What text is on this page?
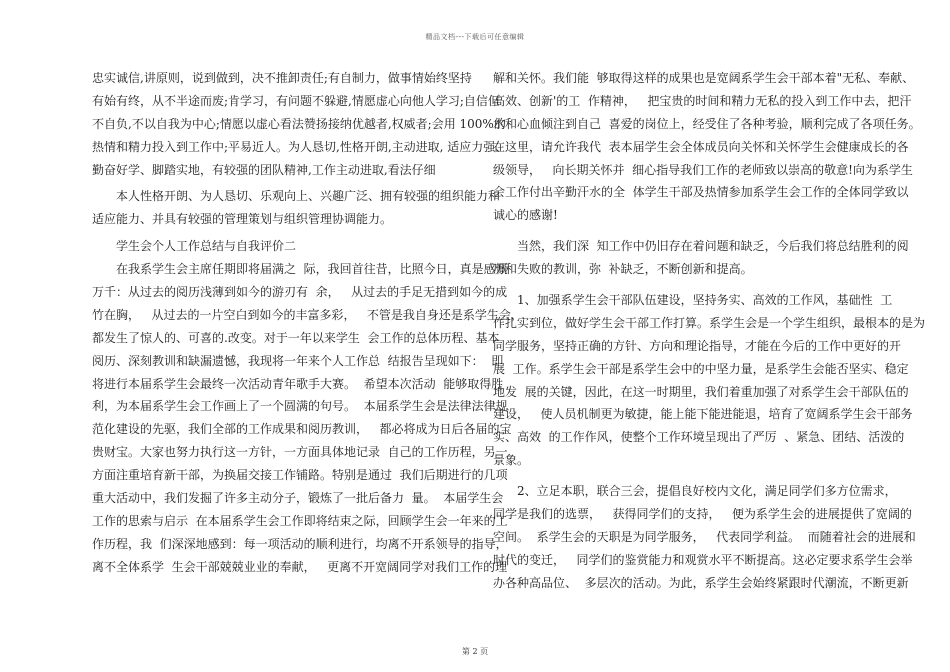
精品文档---下载后可任意编辑
忠实诚信,讲原则，说到做到，决不推卸责任;有自制力，做事情始终坚持
有始有终，从不半途而废;肯学习，有问题不躲避,情愿虚心向他人学习;自信但
不自负,不以自我为中心;情愿以虚心看法赞扬接纳优越者,权威者;会用 100%的
热情和精力投入到工作中;平易近人。为人恳切,性格开朗,主动进取, 适应力强、
勤奋好学、脚踏实地，有较强的团队精神,工作主动进取,看法仔细
　　本人性格开朗、为人恳切、乐观向上、兴趣广泛、拥有较强的组织能力和
适应能力、并具有较强的管理策划与组织管理协调能力。
　　学生会个人工作总结与自我评价二
　　在我系学生会主席任期即将届满之  际，我回首往昔，比照今日，真是感慨
万千：从过去的阅历浅薄到如今的游刃有  余，   从过去的手足无措到如今的成
竹在胸，   从过去的一片空白到如今的丰富多彩，   不管是我自身还是系学生会，
都发生了惊人的、可喜的.改变。对于一年以来学生  会工作的总体历程、基本
阅历、深刻教训和缺漏遗憾，我现将一年来个人工作总  结报告呈现如下：  即
将进行本届系学生会最终一次活动青年歌手大赛。  希望本次活动  能够取得胜
利，为本届系学生会工作画上了一个圆满的句号。  本届系学生会是法律法律规
范化建设的先驱，我们全部的工作成果和阅历教训，   都必将成为日后各届的宝
贵财宝。大家也努力执行这一方针，一方面具体地记录  自己的工作历程，另一
方面注重培育新干部，为换届交接工作铺路。特别是通过  我们后期进行的几项
重大活动中，我们发掘了许多主动分子，锻炼了一批后备力  量。  本届学生会
工作的思索与启示  在本届系学生会工作即将结束之际，回顾学生会一年来的工
作历程，我  们深深地感到：每一项活动的顺利进行，均离不开系领导的指导，
离不全体系学  生会干部兢兢业业的奉献，   更离不开宽阔同学对我们工作的理
解和关怀。我们能  够取得这样的成果也是宽阔系学生会干部本着"无私、奉献、
高效、创新'的工  作精神，   把宝贵的时间和精力无私的投入到工作中去，把汗
水和心血倾注到自己  喜爱的岗位上，经受住了各种考验，顺利完成了各项任务。
在这里，请允许我代  表本届学生会全体成员向关怀和关怀学生会健康成长的各
级领导，   向长期关怀并  细心指导我们工作的老师致以崇高的敬意!向为系学生
会工作付出辛勤汗水的全  体学生干部及热情参加系学生会工作的全体同学致以
诚心的感谢!
　　当然，我们深  知工作中仍旧存在着问题和缺乏，今后我们将总结胜利的阅
历和失败的教训，弥  补缺乏，不断创新和提高。
　　1、加强系学生会干部队伍建设，坚持务实、高效的工作风，基础性  工
作扎实到位，做好学生会干部工作打算。系学生会是一个学生组织，最根本的是为
同学服务，坚持正确的方针、方向和理论指导，才能在今后的工作中更好的开
展  工作。系学生会干部是系学生会中的中坚力量，是系学生会能否坚实、稳定
地发  展的关键，因此，在这一时期里，我们着重加强了对系学生会干部队伍的
建设，   使人员机制更为敏捷，能上能下能进能退，培育了宽阔系学生会干部务
实、高效  的工作作风，使整个工作环境呈现出了严厉  、紧急、团结、活泼的
景象。
　　2、立足本职，联合三会，提倡良好校内文化，满足同学们多方位需求，
同学是我们的选票，   获得同学们的支持，   便为系学生会的进展提供了宽阔的
空间。  系学生会的天职是为同学服务，   代表同学利益。  而随着社会的进展和
时代的变迁，   同学们的鉴赏能力和观赏水平不断提高。这必定要求系学生会举
办各种高品位、  多层次的活动。为此，系学生会始终紧跟时代潮流，不断更新
第 2 页
